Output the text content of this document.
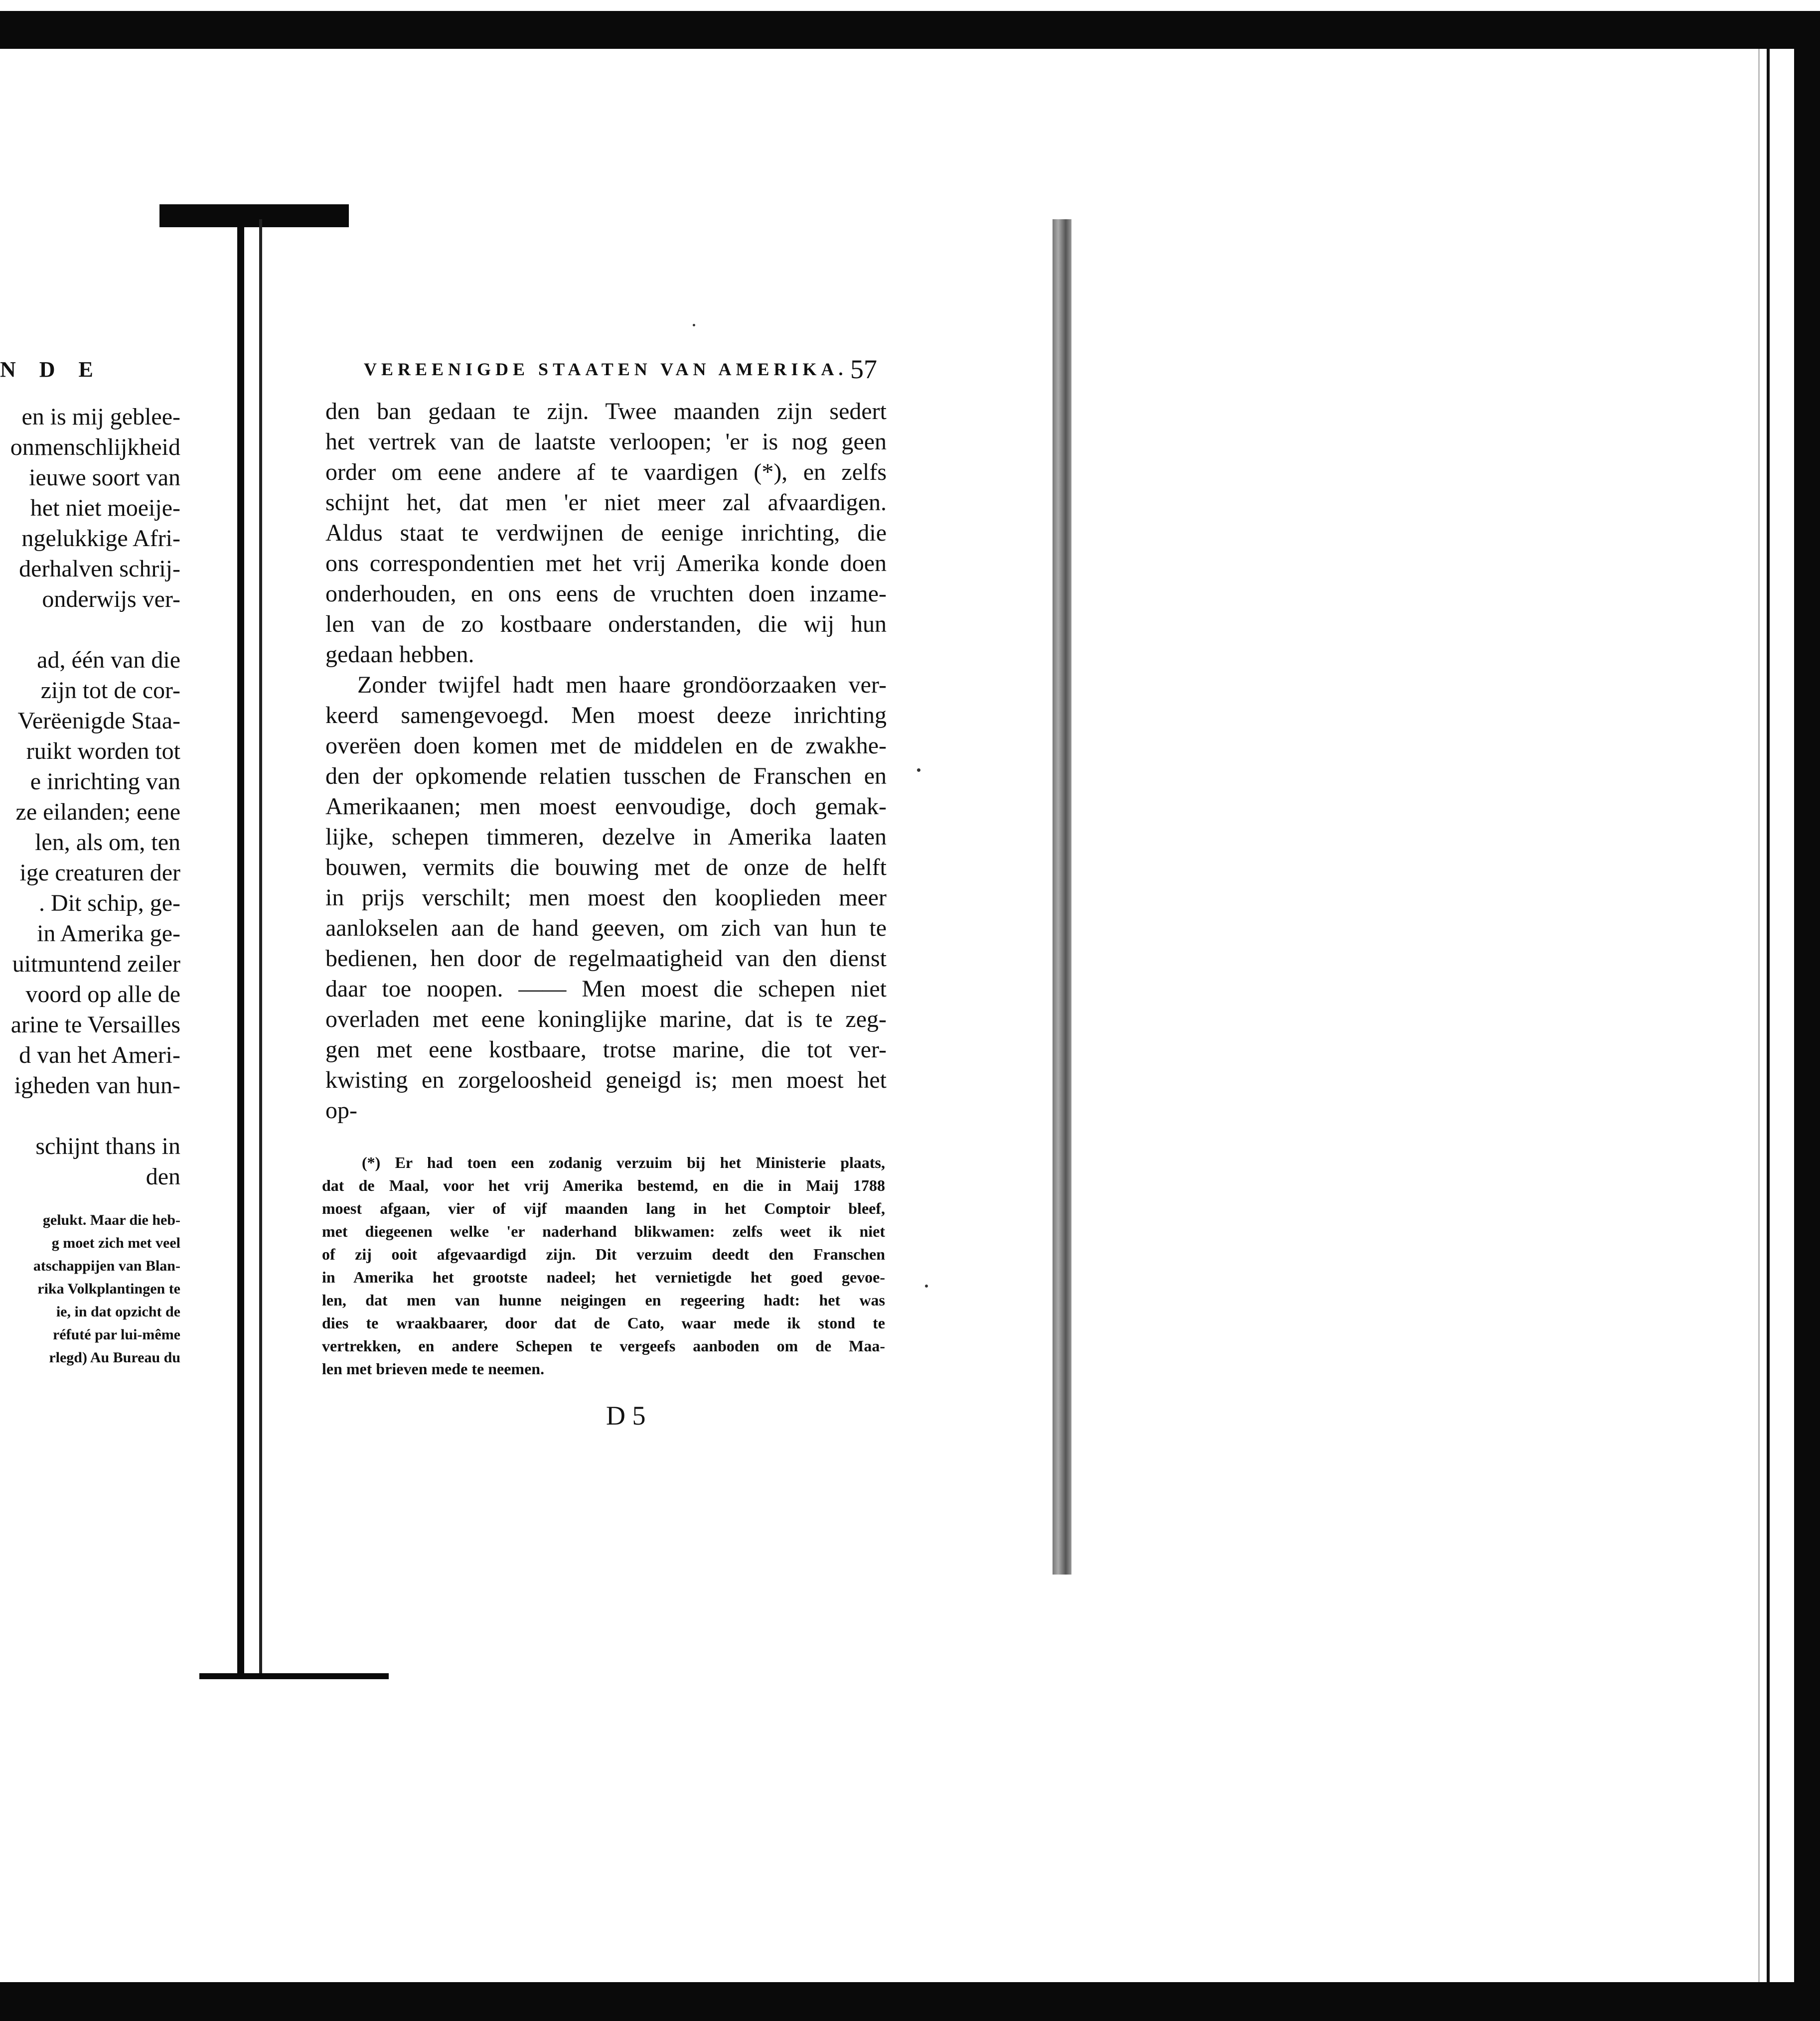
N D E
en is mij geblee-
onmenschlijkheid
ieuwe soort van
het niet moeije-
ngelukkige Afri-
derhalven schrij-
onderwijs ver-

ad, één van die
zijn tot de cor-
Verëenigde Staa-
ruikt worden tot
e inrichting van
ze eilanden; eene
len, als om, ten
ige creaturen der
. Dit schip, ge-
in Amerika ge-
uitmuntend zeiler
voord op alle de
arine te Versailles
d van het Ameri-
igheden van hun-

schijnt thans in
den
gelukt. Maar die heb-
g moet zich met veel
atschappijen van Blan-
rika Volkplantingen te
ie, in dat opzicht de
réfuté par lui-même
rlegd) Au Bureau du
VEREENIGDE STAATEN VAN AMERIKA. 57
den ban gedaan te zijn. Twee maanden zijn sedert
het vertrek van de laatste verloopen; 'er is nog geen
order om eene andere af te vaardigen (*), en zelfs
schijnt het, dat men 'er niet meer zal afvaardigen.
Aldus staat te verdwijnen de eenige inrichting, die
ons correspondentien met het vrij Amerika konde doen
onderhouden, en ons eens de vruchten doen inzame-
len van de zo kostbaare onderstanden, die wij hun
gedaan hebben.
Zonder twijfel hadt men haare grondöorzaaken ver-
keerd samengevoegd. Men moest deeze inrichting
overëen doen komen met de middelen en de zwakhe-
den der opkomende relatien tusschen de Franschen en
Amerikaanen; men moest eenvoudige, doch gemak-
lijke, schepen timmeren, dezelve in Amerika laaten
bouwen, vermits die bouwing met de onze de helft
in prijs verschilt; men moest den kooplieden meer
aanlokselen aan de hand geeven, om zich van hun te
bedienen, hen door de regelmaatigheid van den dienst
daar toe noopen. —— Men moest die schepen niet
overladen met eene koninglijke marine, dat is te zeg-
gen met eene kostbaare, trotse marine, die tot ver-
kwisting en zorgeloosheid geneigd is; men moest het
op-
(*) Er had toen een zodanig verzuim bij het Ministerie plaats,
dat de Maal, voor het vrij Amerika bestemd, en die in Maij 1788
moest afgaan, vier of vijf maanden lang in het Comptoir bleef,
met diegeenen welke 'er naderhand blikwamen: zelfs weet ik niet
of zij ooit afgevaardigd zijn. Dit verzuim deedt den Franschen
in Amerika het grootste nadeel; het vernietigde het goed gevoe-
len, dat men van hunne neigingen en regeering hadt: het was
dies te wraakbaarer, door dat de Cato, waar mede ik stond te
vertrekken, en andere Schepen te vergeefs aanboden om de Maa-
len met brieven mede te neemen.
D 5
